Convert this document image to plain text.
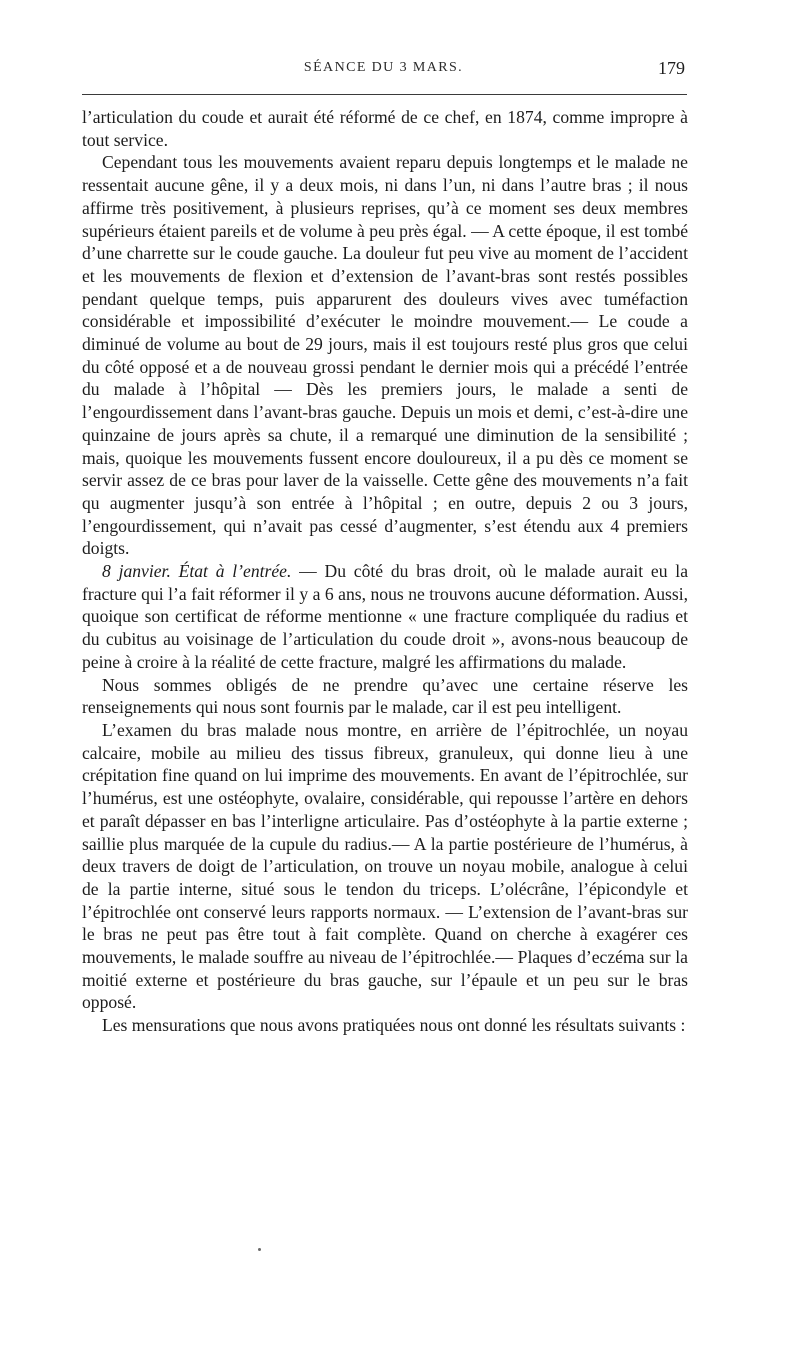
SÉANCE DU 3 MARS.	179

l’articulation du coude et aurait été réformé de ce chef, en 1874, comme impropre à tout service.

Cependant tous les mouvements avaient reparu depuis longtemps et le malade ne ressentait aucune gêne, il y a deux mois, ni dans l’un, ni dans l’autre bras ; il nous affirme très positivement, à plusieurs reprises, qu’à ce moment ses deux membres supérieurs étaient pareils et de volume à peu près égal. — A cette époque, il est tombé d’une charrette sur le coude gauche. La douleur fut peu vive au moment de l’accident et les mouvements de flexion et d’extension de l’avant-bras sont restés possibles pendant quelque temps, puis apparurent des douleurs vives avec tuméfaction considérable et impossibilité d’exécuter le moindre mouvement.— Le coude a diminué de volume au bout de 29 jours, mais il est toujours resté plus gros que celui du côté opposé et a de nouveau grossi pendant le dernier mois qui a précédé l’entrée du malade à l’hôpital — Dès les premiers jours, le malade a senti de l’engourdissement dans l’avant-bras gauche. Depuis un mois et demi, c’est-à-dire une quinzaine de jours après sa chute, il a remarqué une diminution de la sensibilité ; mais, quoique les mouvements fussent encore douloureux, il a pu dès ce moment se servir assez de ce bras pour laver de la vaisselle. Cette gêne des mouvements n’a fait qu augmenter jusqu’à son entrée à l’hôpital ; en outre, depuis 2 ou 3 jours, l’engourdissement, qui n’avait pas cessé d’augmenter, s’est étendu aux 4 premiers doigts.

8 janvier. État à l’entrée. — Du côté du bras droit, où le malade aurait eu la fracture qui l’a fait réformer il y a 6 ans, nous ne trouvons aucune déformation. Aussi, quoique son certificat de réforme mentionne « une fracture compliquée du radius et du cubitus au voisinage de l’articulation du coude droit », avons-nous beaucoup de peine à croire à la réalité de cette fracture, malgré les affirmations du malade.

Nous sommes obligés de ne prendre qu’avec une certaine réserve les renseignements qui nous sont fournis par le malade, car il est peu intelligent.

L’examen du bras malade nous montre, en arrière de l’épitrochlée, un noyau calcaire, mobile au milieu des tissus fibreux, granuleux, qui donne lieu à une crépitation fine quand on lui imprime des mouvements. En avant de l’épitrochlée, sur l’humérus, est une ostéophyte, ovalaire, considérable, qui repousse l’artère en dehors et paraît dépasser en bas l’interligne articulaire. Pas d’ostéophyte à la partie externe ; saillie plus marquée de la cupule du radius.— A la partie postérieure de l’humérus, à deux travers de doigt de l’articulation, on trouve un noyau mobile, analogue à celui de la partie interne, situé sous le tendon du triceps. L’olécrâne, l’épicondyle et l’épitrochlée ont conservé leurs rapports normaux. — L’extension de l’avant-bras sur le bras ne peut pas être tout à fait complète. Quand on cherche à exagérer ces mouvements, le malade souffre au niveau de l’épitrochlée.— Plaques d’eczéma sur la moitié externe et postérieure du bras gauche, sur l’épaule et un peu sur le bras opposé.

Les mensurations que nous avons pratiquées nous ont donné les résultats suivants :
